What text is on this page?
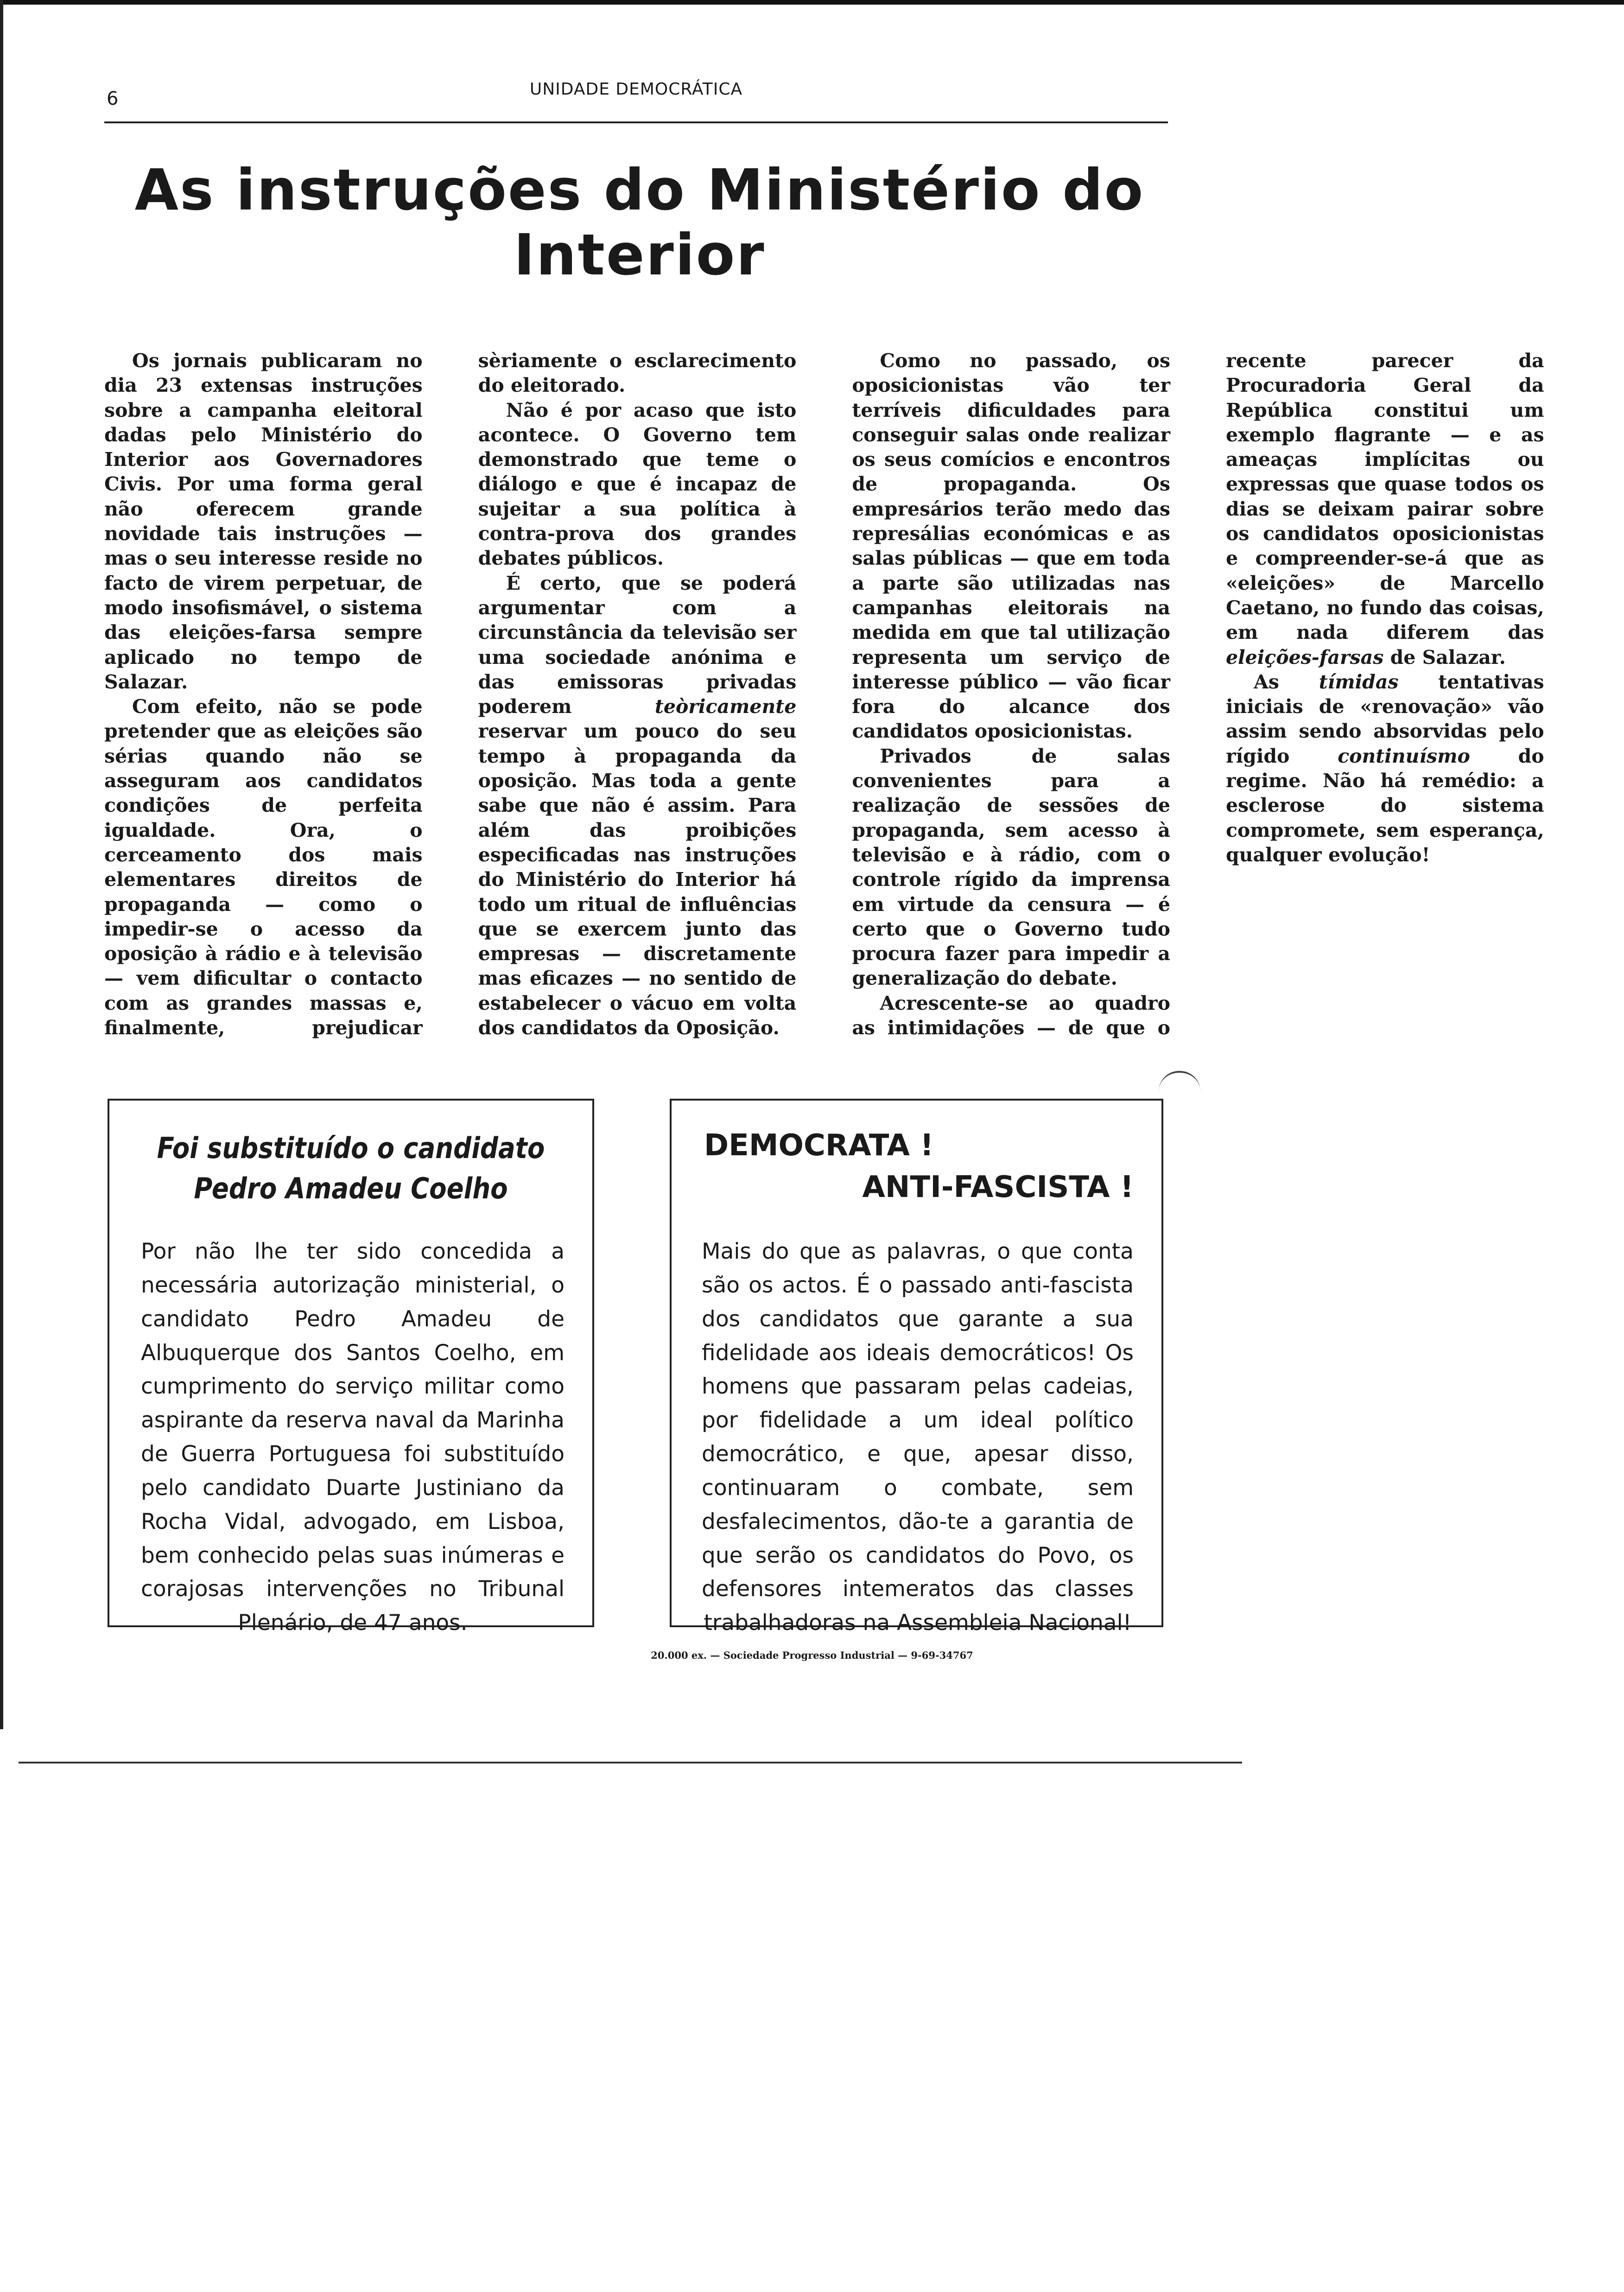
6	UNIDADE DEMOCRÁTICA
As instruções do Ministério do Interior

Os jornais publicaram no dia 23 extensas instruções sobre a campanha eleitoral dadas pelo Ministério do Interior aos Governadores Civis. Por uma forma geral não oferecem grande novidade tais instruções — mas o seu interesse reside no facto de virem perpetuar, de modo insofismável, o sistema das eleições-farsa sempre aplicado no tempo de Salazar.

Com efeito, não se pode pretender que as eleições são sérias quando não se asseguram aos candidatos condições de perfeita igualdade. Ora, o cerceamento dos mais elementares direitos de propaganda — como o impedir-se o acesso da oposição à rádio e à televisão — vem dificultar o contacto com as grandes massas e, finalmente, prejudicar sèriamente o esclarecimento do eleitorado.

Não é por acaso que isto acontece. O Governo tem demonstrado que teme o diálogo e que é incapaz de sujeitar a sua política à contra-prova dos grandes debates públicos.

É certo, que se poderá argumentar com a circunstância da televisão ser uma sociedade anónima e das emissoras privadas poderem teòricamente reservar um pouco do seu tempo à propaganda da oposição. Mas toda a gente sabe que não é assim. Para além das proibições especificadas nas instruções do Ministério do Interior há todo um ritual de influências que se exercem junto das empresas — discretamente mas eficazes — no sentido de estabelecer o vácuo em volta dos candidatos da Oposição.

Como no passado, os oposicionistas vão ter terríveis dificuldades para conseguir salas onde realizar os seus comícios e encontros de propaganda. Os empresários terão medo das represálias económicas e as salas públicas — que em toda a parte são utilizadas nas campanhas eleitorais na medida em que tal utilização representa um serviço de interesse público — vão ficar fora do alcance dos candidatos oposicionistas.

Privados de salas convenientes para a realização de sessões de propaganda, sem acesso à televisão e à rádio, com o controle rígido da imprensa em virtude da censura — é certo que o Governo tudo procura fazer para impedir a generalização do debate.

Acrescente-se ao quadro as intimidações — de que o recente parecer da Procuradoria Geral da República constitui um exemplo flagrante — e as ameaças implícitas ou expressas que quase todos os dias se deixam pairar sobre os candidatos oposicionistas e compreender-se-á que as «eleições» de Marcello Caetano, no fundo das coisas, em nada diferem das eleições-farsas de Salazar.

As tímidas tentativas iniciais de «renovação» vão assim sendo absorvidas pelo rígido continuísmo do regime. Não há remédio: a esclerose do sistema compromete, sem esperança, qualquer evolução!

Foi substituído o candidato
Pedro Amadeu Coelho
Por não lhe ter sido concedida a necessária autorização ministerial, o candidato Pedro Amadeu de Albuquerque dos Santos Coelho, em cumprimento do serviço militar como aspirante da reserva naval da Marinha de Guerra Portuguesa foi substituído pelo candidato Duarte Justiniano da Rocha Vidal, advogado, em Lisboa, bem conhecido pelas suas inúmeras e corajosas intervenções no Tribunal Plenário, de 47 anos.
DEMOCRATA !
ANTI-FASCISTA !
Mais do que as palavras, o que conta são os actos. É o passado anti-fascista dos candidatos que garante a sua fidelidade aos ideais democráticos! Os homens que passaram pelas cadeias, por fidelidade a um ideal político democrático, e que, apesar disso, continuaram o combate, sem desfalecimentos, dão-te a garantia de que serão os candidatos do Povo, os defensores intemeratos das classes trabalhadoras na Assembleia Nacional!
20.000 ex. — Sociedade Progresso Industrial — 9-69-34767
